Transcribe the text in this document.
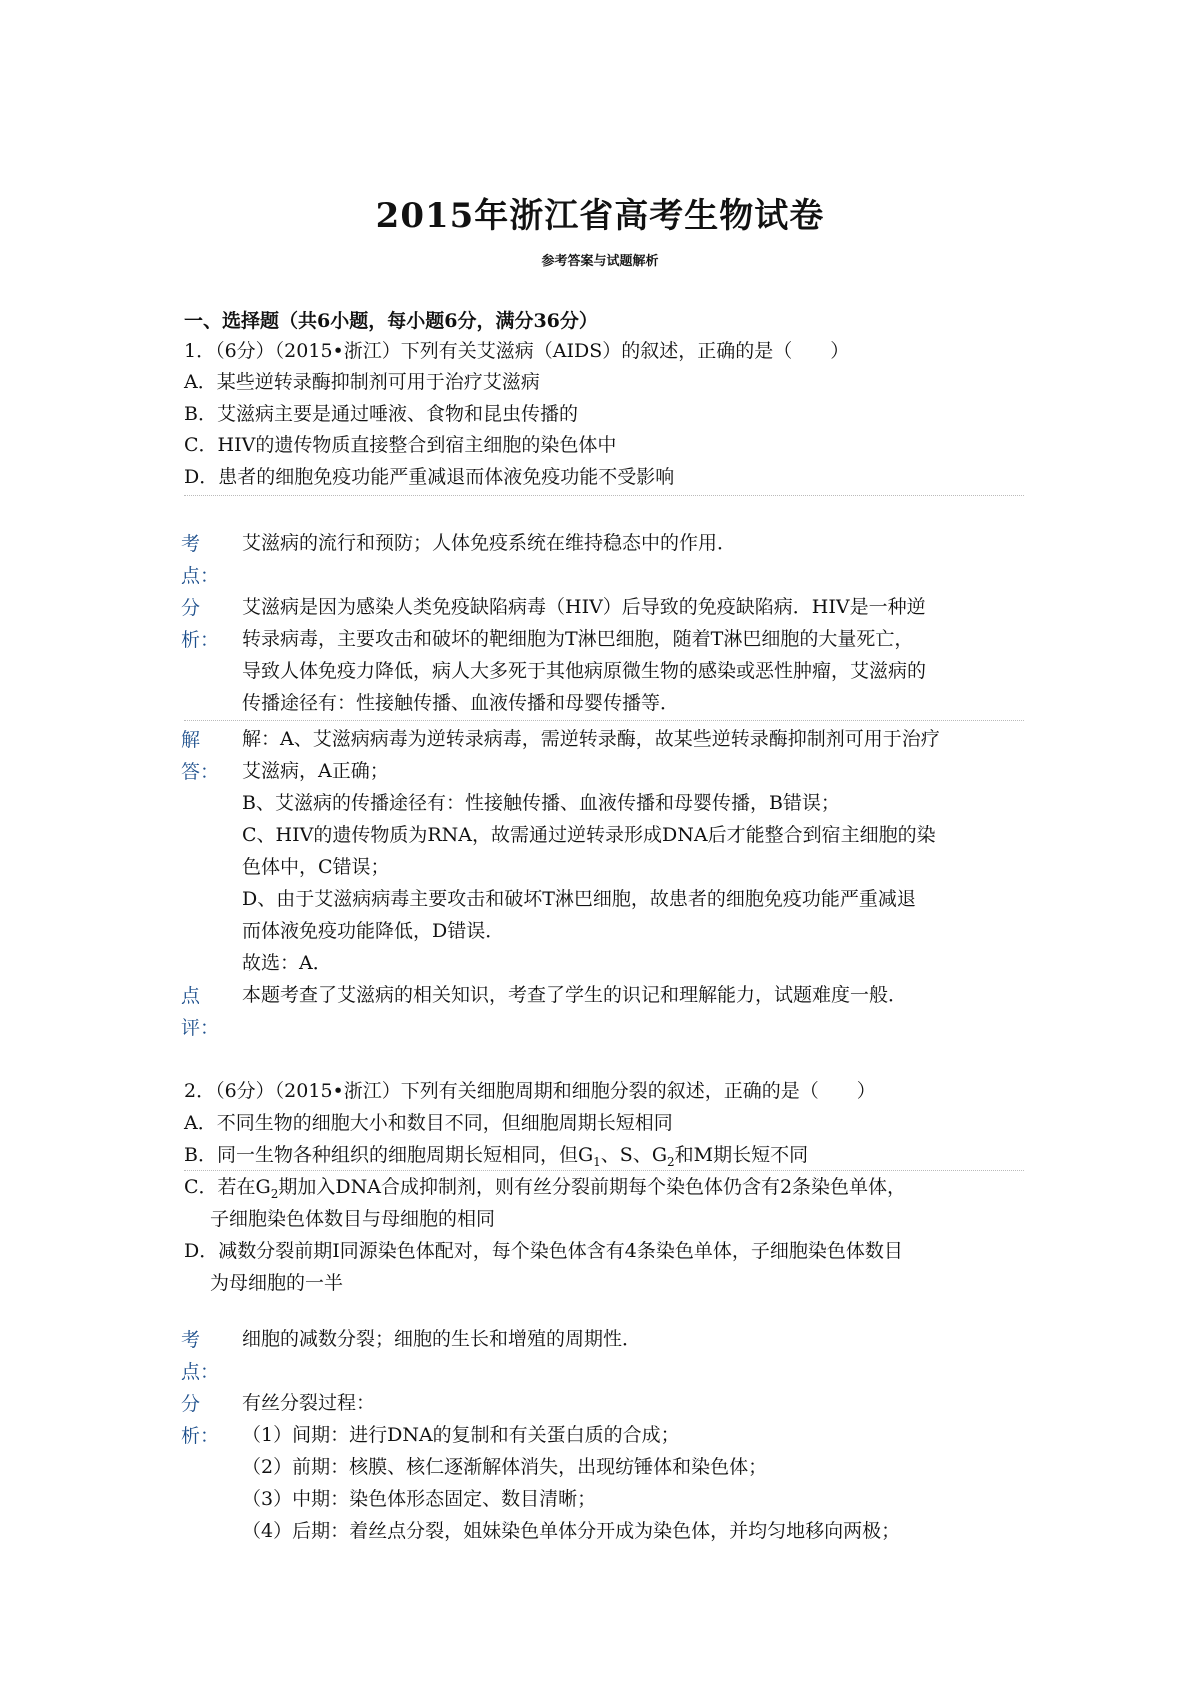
2015年浙江省高考生物试卷
参考答案与试题解析
一、选择题（共6小题，每小题6分，满分36分）
1．（6分）（2015•浙江）下列有关艾滋病（AIDS）的叙述，正确的是（　　）
A．某些逆转录酶抑制剂可用于治疗艾滋病
B．艾滋病主要是通过唾液、食物和昆虫传播的
C．HIV的遗传物质直接整合到宿主细胞的染色体中
D．患者的细胞免疫功能严重减退而体液免疫功能不受影响
考
点：
艾滋病的流行和预防；人体免疫系统在维持稳态中的作用．
分
析：
艾滋病是因为感染人类免疫缺陷病毒（HIV）后导致的免疫缺陷病．HIV是一种逆
转录病毒，主要攻击和破坏的靶细胞为T淋巴细胞，随着T淋巴细胞的大量死亡，
导致人体免疫力降低，病人大多死于其他病原微生物的感染或恶性肿瘤，艾滋病的
传播途径有：性接触传播、血液传播和母婴传播等．
解
答：
解：A、艾滋病病毒为逆转录病毒，需逆转录酶，故某些逆转录酶抑制剂可用于治疗
艾滋病，A正确；
B、艾滋病的传播途径有：性接触传播、血液传播和母婴传播，B错误；
C、HIV的遗传物质为RNA，故需通过逆转录形成DNA后才能整合到宿主细胞的染
色体中，C错误；
D、由于艾滋病病毒主要攻击和破坏T淋巴细胞，故患者的细胞免疫功能严重减退
而体液免疫功能降低，D错误．
故选：A．
点
评：
本题考查了艾滋病的相关知识，考查了学生的识记和理解能力，试题难度一般．
2．（6分）（2015•浙江）下列有关细胞周期和细胞分裂的叙述，正确的是（　　）
A．不同生物的细胞大小和数目不同，但细胞周期长短相同
B．同一生物各种组织的细胞周期长短相同，但$G_1$、S、$G_2$和M期长短不同
C．若在$G_2$期加入DNA合成抑制剂，则有丝分裂前期每个染色体仍含有2条染色单体，
子细胞染色体数目与母细胞的相同
D．减数分裂前期I同源染色体配对，每个染色体含有4条染色单体，子细胞染色体数目
为母细胞的一半
考
点：
细胞的减数分裂；细胞的生长和增殖的周期性．
分
析：
有丝分裂过程：
（1）间期：进行DNA的复制和有关蛋白质的合成；
（2）前期：核膜、核仁逐渐解体消失，出现纺锤体和染色体；
（3）中期：染色体形态固定、数目清晰；
（4）后期：着丝点分裂，姐妹染色单体分开成为染色体，并均匀地移向两极；
